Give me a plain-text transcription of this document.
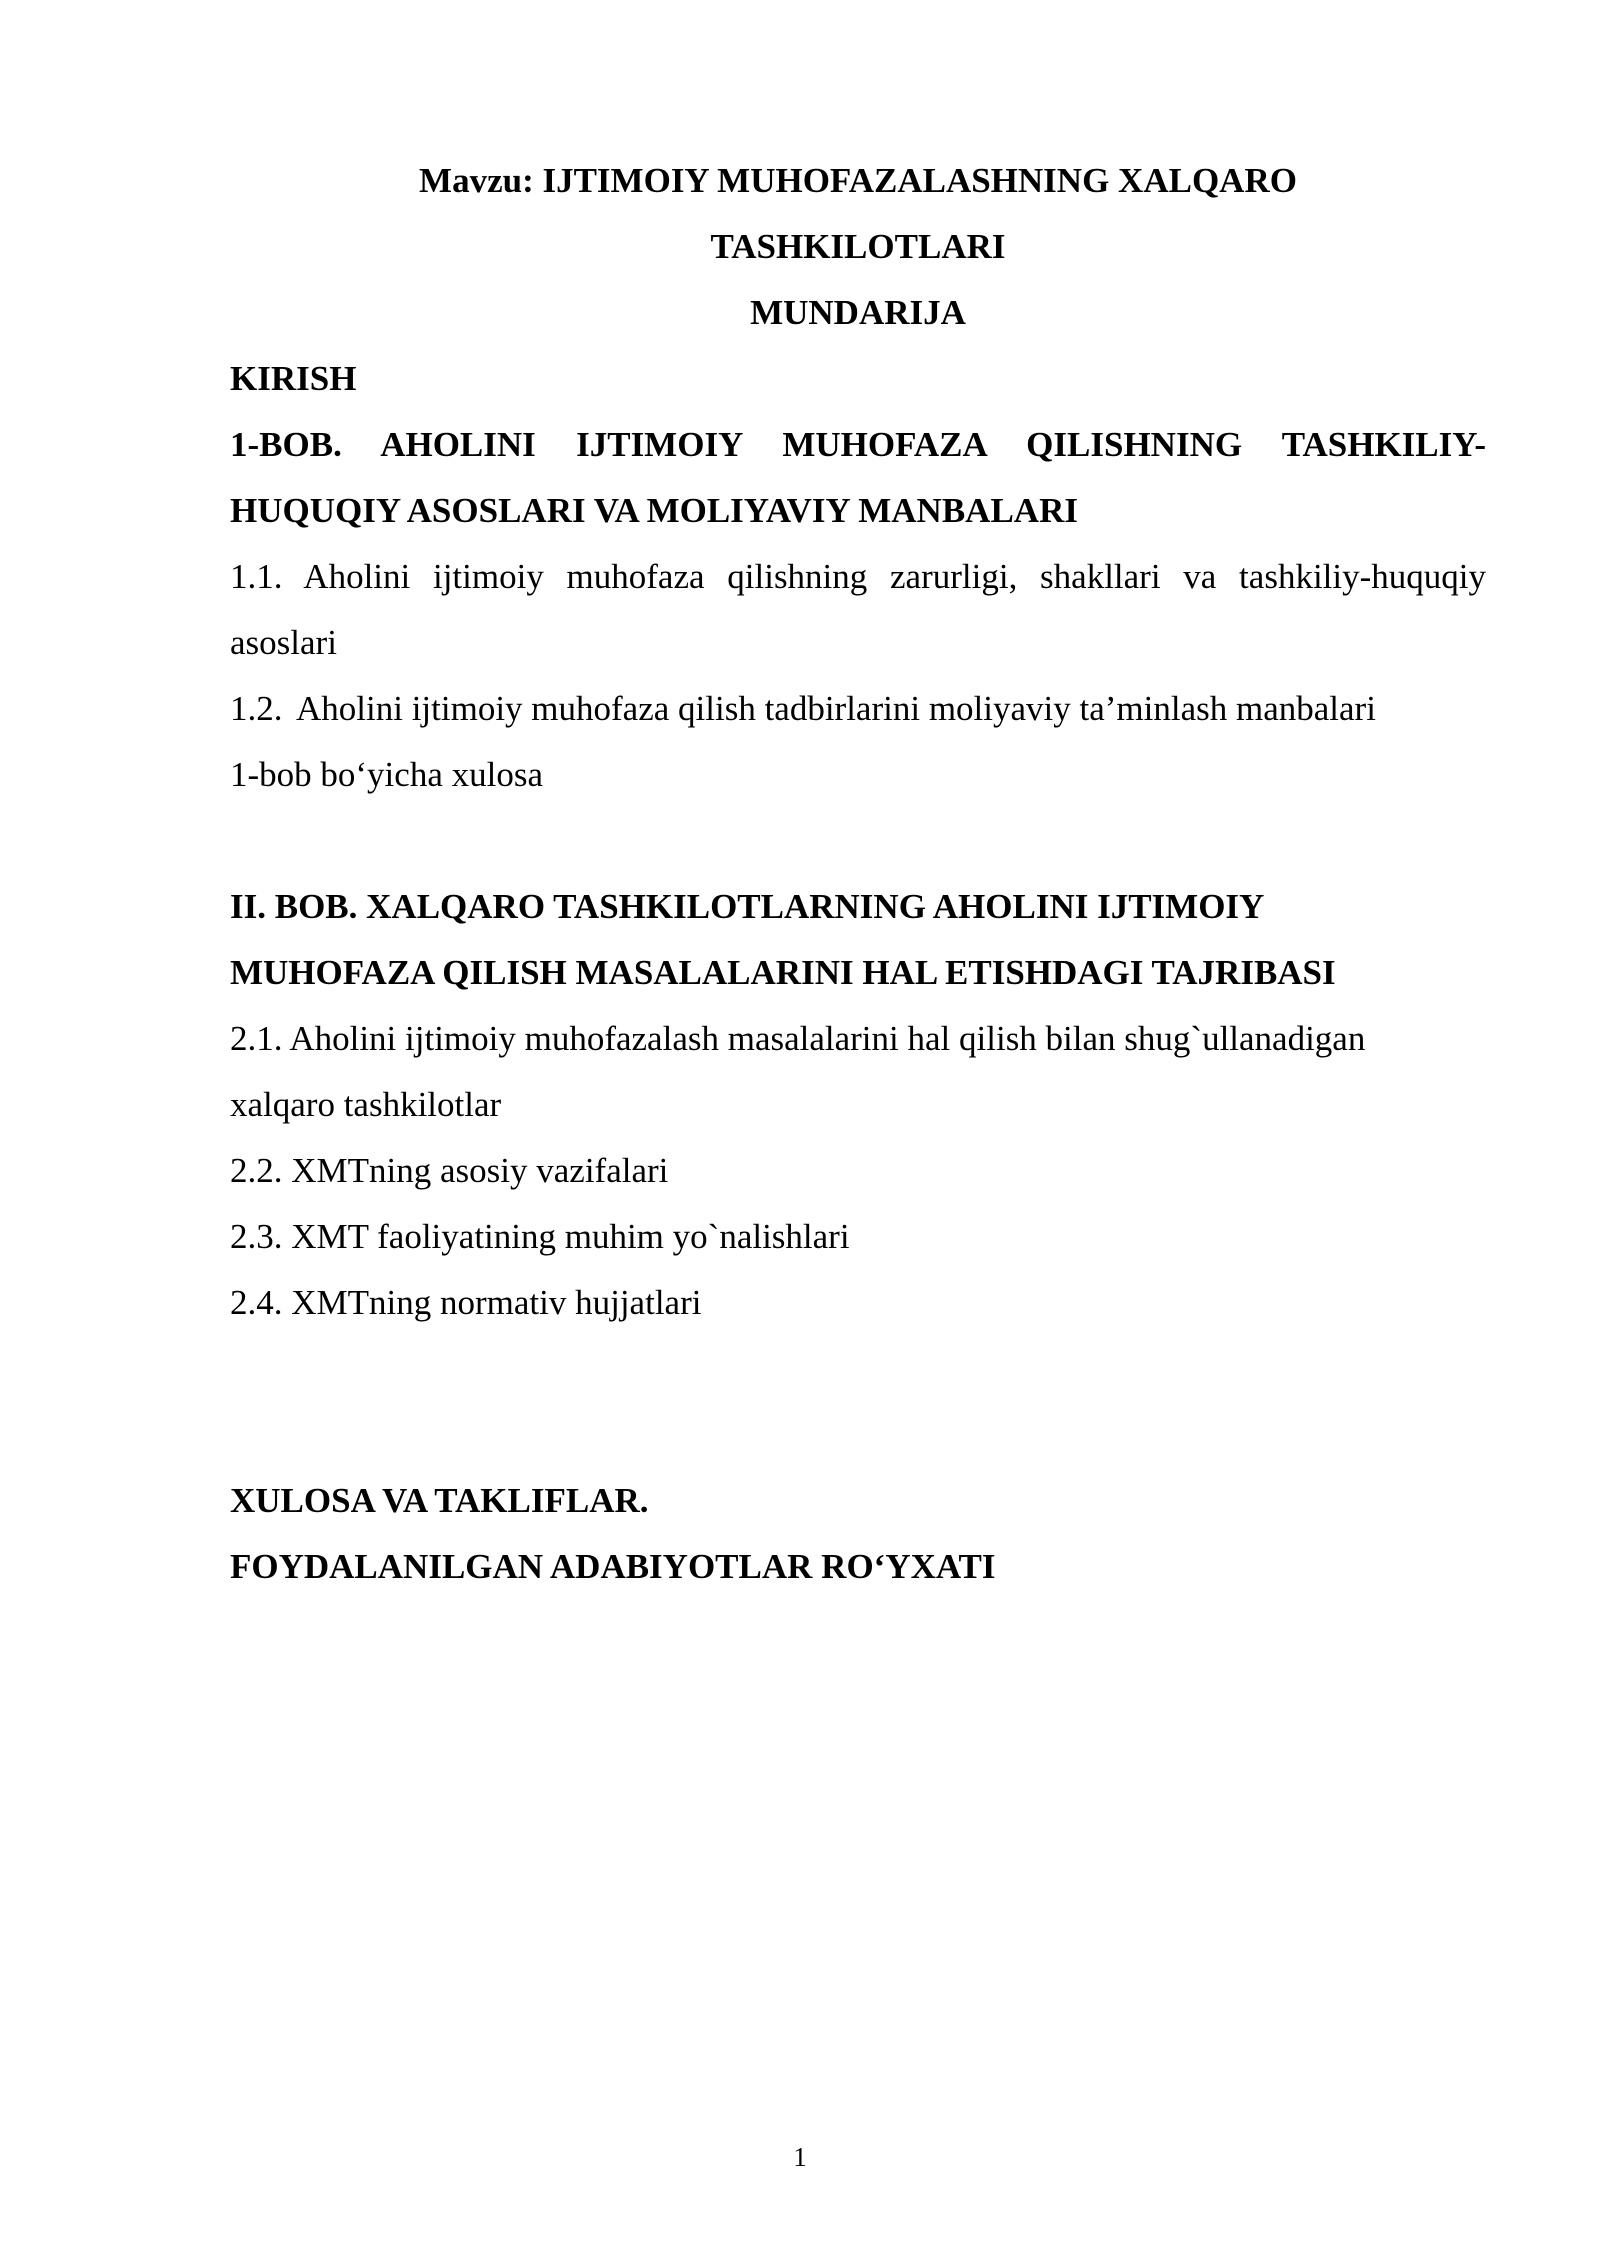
Mavzu: IJTIMOIY MUHOFAZALASHNING XALQARO
TASHKILOTLARI
MUNDARIJA
KIRISH
1-BOB. AHOLINI IJTIMOIY MUHOFAZA QILISHNING TASHKILIY-
HUQUQIY ASOSLARI VA MOLIYAVIY MANBALARI
1.1. Aholini ijtimoiy muhofaza qilishning zarurligi, shakllari va tashkiliy-huquqiy
asoslari
1.2. Aholini ijtimoiy muhofaza qilish tadbirlarini moliyaviy ta’minlash manbalari
1-bob bo‘yicha xulosa
II. BOB. XALQARO TASHKILOTLARNING AHOLINI IJTIMOIY
MUHOFAZA QILISH MASALALARINI HAL ETISHDAGI TAJRIBASI
2.1. Aholini ijtimoiy muhofazalash masalalarini hal qilish bilan shug`ullanadigan
xalqaro tashkilotlar
2.2. XMTning asosiy vazifalari
2.3. XMT faoliyatining muhim yo`nalishlari
2.4. XMTning normativ hujjatlari
XULOSA VA TAKLIFLAR.
FOYDALANILGAN ADABIYOTLAR RO‘YXATI
1
